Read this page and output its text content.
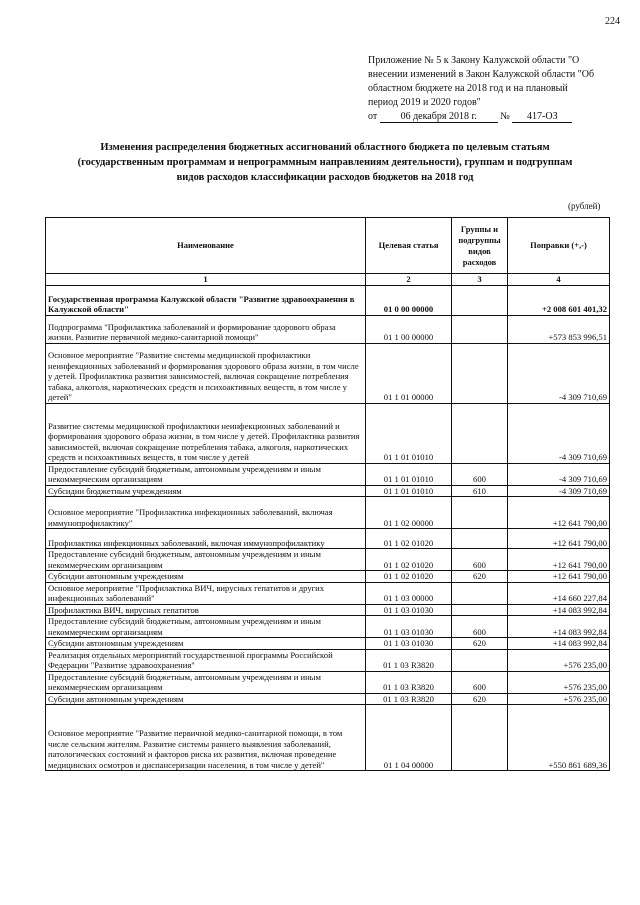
224
Приложение № 5 к Закону Калужской области "О
внесении изменений в Закон Калужской области "Об
областном бюджете на 2018 год и на плановый
период 2019 и 2020 годов"
от 06 декабря 2018 г. № 417-ОЗ
Изменения распределения бюджетных ассигнований областного бюджета по целевым статьям
(государственным программам и непрограммным направлениям деятельности), группам и подгруппам
видов расходов классификации расходов бюджетов на 2018 год
(рублей)
Наименование	Целевая статья	Группы и подгруппы видов расходов	Поправки (+,-)
1	2	3	4
Государственная программа Калужской области "Развитие здравоохранения в Калужской области"	01 0 00 00000		+2 008 601 401,32
Подпрограмма "Профилактика заболеваний и формирование здорового образа жизни. Развитие первичной медико-санитарной помощи"	01 1 00 00000		+573 853 996,51
Основное мероприятие "Развитие системы медицинской профилактики неинфекционных заболеваний и формирования здорового образа жизни, в том числе у детей. Профилактика развития зависимостей, включая сокращение потребления табака, алкоголя, наркотических средств и психоактивных веществ, в том числе у детей"	01 1 01 00000		-4 309 710,69
Развитие системы медицинской профилактики неинфекционных заболеваний и формирования здорового образа жизни, в том числе у детей. Профилактика развития зависимостей, включая сокращение потребления табака, алкоголя, наркотических средств и психоактивных веществ, в том числе у детей	01 1 01 01010		-4 309 710,69
Предоставление субсидий бюджетным, автономным учреждениям и иным некоммерческим организациям	01 1 01 01010	600	-4 309 710,69
Субсидии бюджетным учреждениям	01 1 01 01010	610	-4 309 710,69
Основное мероприятие "Профилактика инфекционных заболеваний, включая иммунопрофилактику"	01 1 02 00000		+12 641 790,00
Профилактика инфекционных заболеваний, включая иммунопрофилактику	01 1 02 01020		+12 641 790,00
Предоставление субсидий бюджетным, автономным учреждениям и иным некоммерческим организациям	01 1 02 01020	600	+12 641 790,00
Субсидии автономным учреждениям	01 1 02 01020	620	+12 641 790,00
Основное мероприятие "Профилактика ВИЧ, вирусных гепатитов и других инфекционных заболеваний"	01 1 03 00000		+14 660 227,84
Профилактика ВИЧ, вирусных гепатитов	01 1 03 01030		+14 083 992,84
Предоставление субсидий бюджетным, автономным учреждениям и иным некоммерческим организациям	01 1 03 01030	600	+14 083 992,84
Субсидии автономным учреждениям	01 1 03 01030	620	+14 083 992,84
Реализация отдельных мероприятий государственной программы Российской Федерации "Развитие здравоохранения"	01 1 03 R3820		+576 235,00
Предоставление субсидий бюджетным, автономным учреждениям и иным некоммерческим организациям	01 1 03 R3820	600	+576 235,00
Субсидии автономным учреждениям	01 1 03 R3820	620	+576 235,00
Основное мероприятие "Развитие первичной медико-санитарной помощи, в том числе сельским жителям. Развитие системы раннего выявления заболеваний, патологических состояний и факторов риска их развития, включая проведение медицинских осмотров и диспансеризации населения, в том числе у детей"	01 1 04 00000		+550 861 689,36
